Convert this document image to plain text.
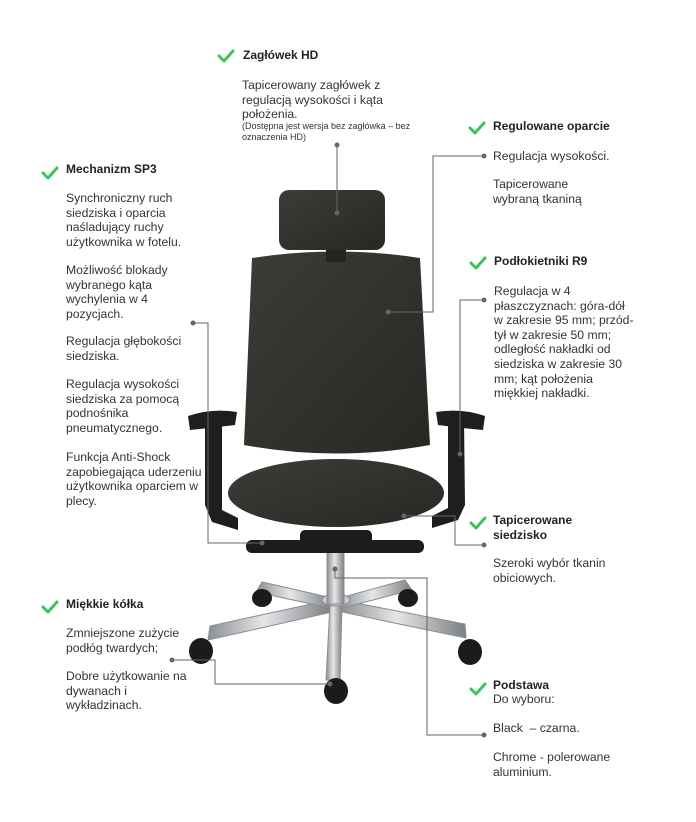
Zagłówek HD
Tapicerowany zagłówek z regulacją wysokości i kąta położenia.
(Dostępna jest wersja bez zagłówka – bez oznaczenia HD)
Regulowane oparcie
Regulacja wysokości.
Tapicerowane wybraną tkaniną
Mechanizm SP3
Synchroniczny ruch siedziska i oparcia naśladujący ruchy użytkownika w fotelu.
Możliwość blokady wybranego kąta wychylenia w 4 pozycjach.
Regulacja głębokości siedziska.
Regulacja wysokości siedziska za pomocą podnośnika pneumatycznego.
Funkcja Anti-Shock zapobiegająca uderzeniu użytkownika oparciem w plecy.
Podłokietniki R9
Regulacja w 4 płaszczyznach: góra-dół w zakresie 95 mm; przód-tył w zakresie 50 mm; odległość nakładki od siedziska w zakresie 30 mm; kąt położenia miękkiej nakładki.
Tapicerowane
siedzisko
Szeroki wybór tkanin obiciowych.
Miękkie kółka
Zmniejszone zużycie podłóg twardych;
Dobre użytkowanie na dywanach i wykładzinach.
Podstawa
Do wyboru:
Black  – czarna.
Chrome - polerowane aluminium.
